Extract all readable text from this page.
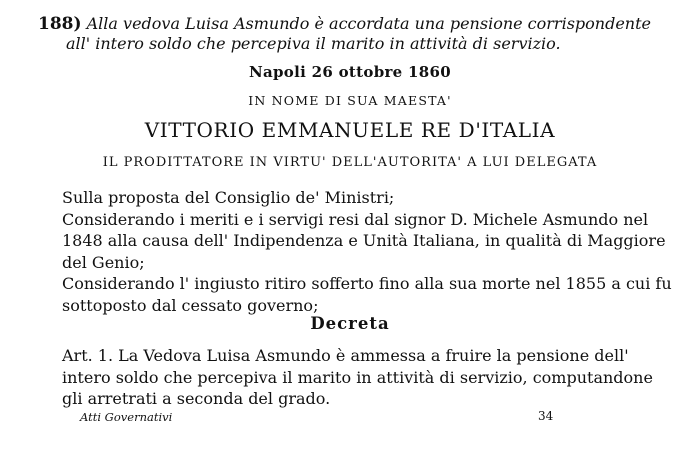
188) Alla vedova Luisa Asmundo è accordata una pensione corrispondente
all' intero soldo che percepiva il marito in attività di servizio.
Napoli 26 ottobre 1860
IN NOME DI SUA MAESTA'
VITTORIO EMMANUELE RE D'ITALIA
IL PRODITTATORE IN VIRTU' DELL'AUTORITA' A LUI DELEGATA

Sulla proposta del Consiglio de' Ministri;

Considerando i meriti e i servigi resi dal signor D. Michele Asmundo nel 1848 alla causa dell' Indipendenza e Unità Italiana, in qualità di Maggiore del Genio;

Considerando l' ingiusto ritiro sofferto fino alla sua morte nel 1855 a cui fu sottoposto dal cessato governo;

Decreta

Art. 1. La Vedova Luisa Asmundo è ammessa a fruire la pensione dell' intero soldo che percepiva il marito in attività di servizio, computandone gli arretrati a seconda del grado.

Atti Governativi	34
